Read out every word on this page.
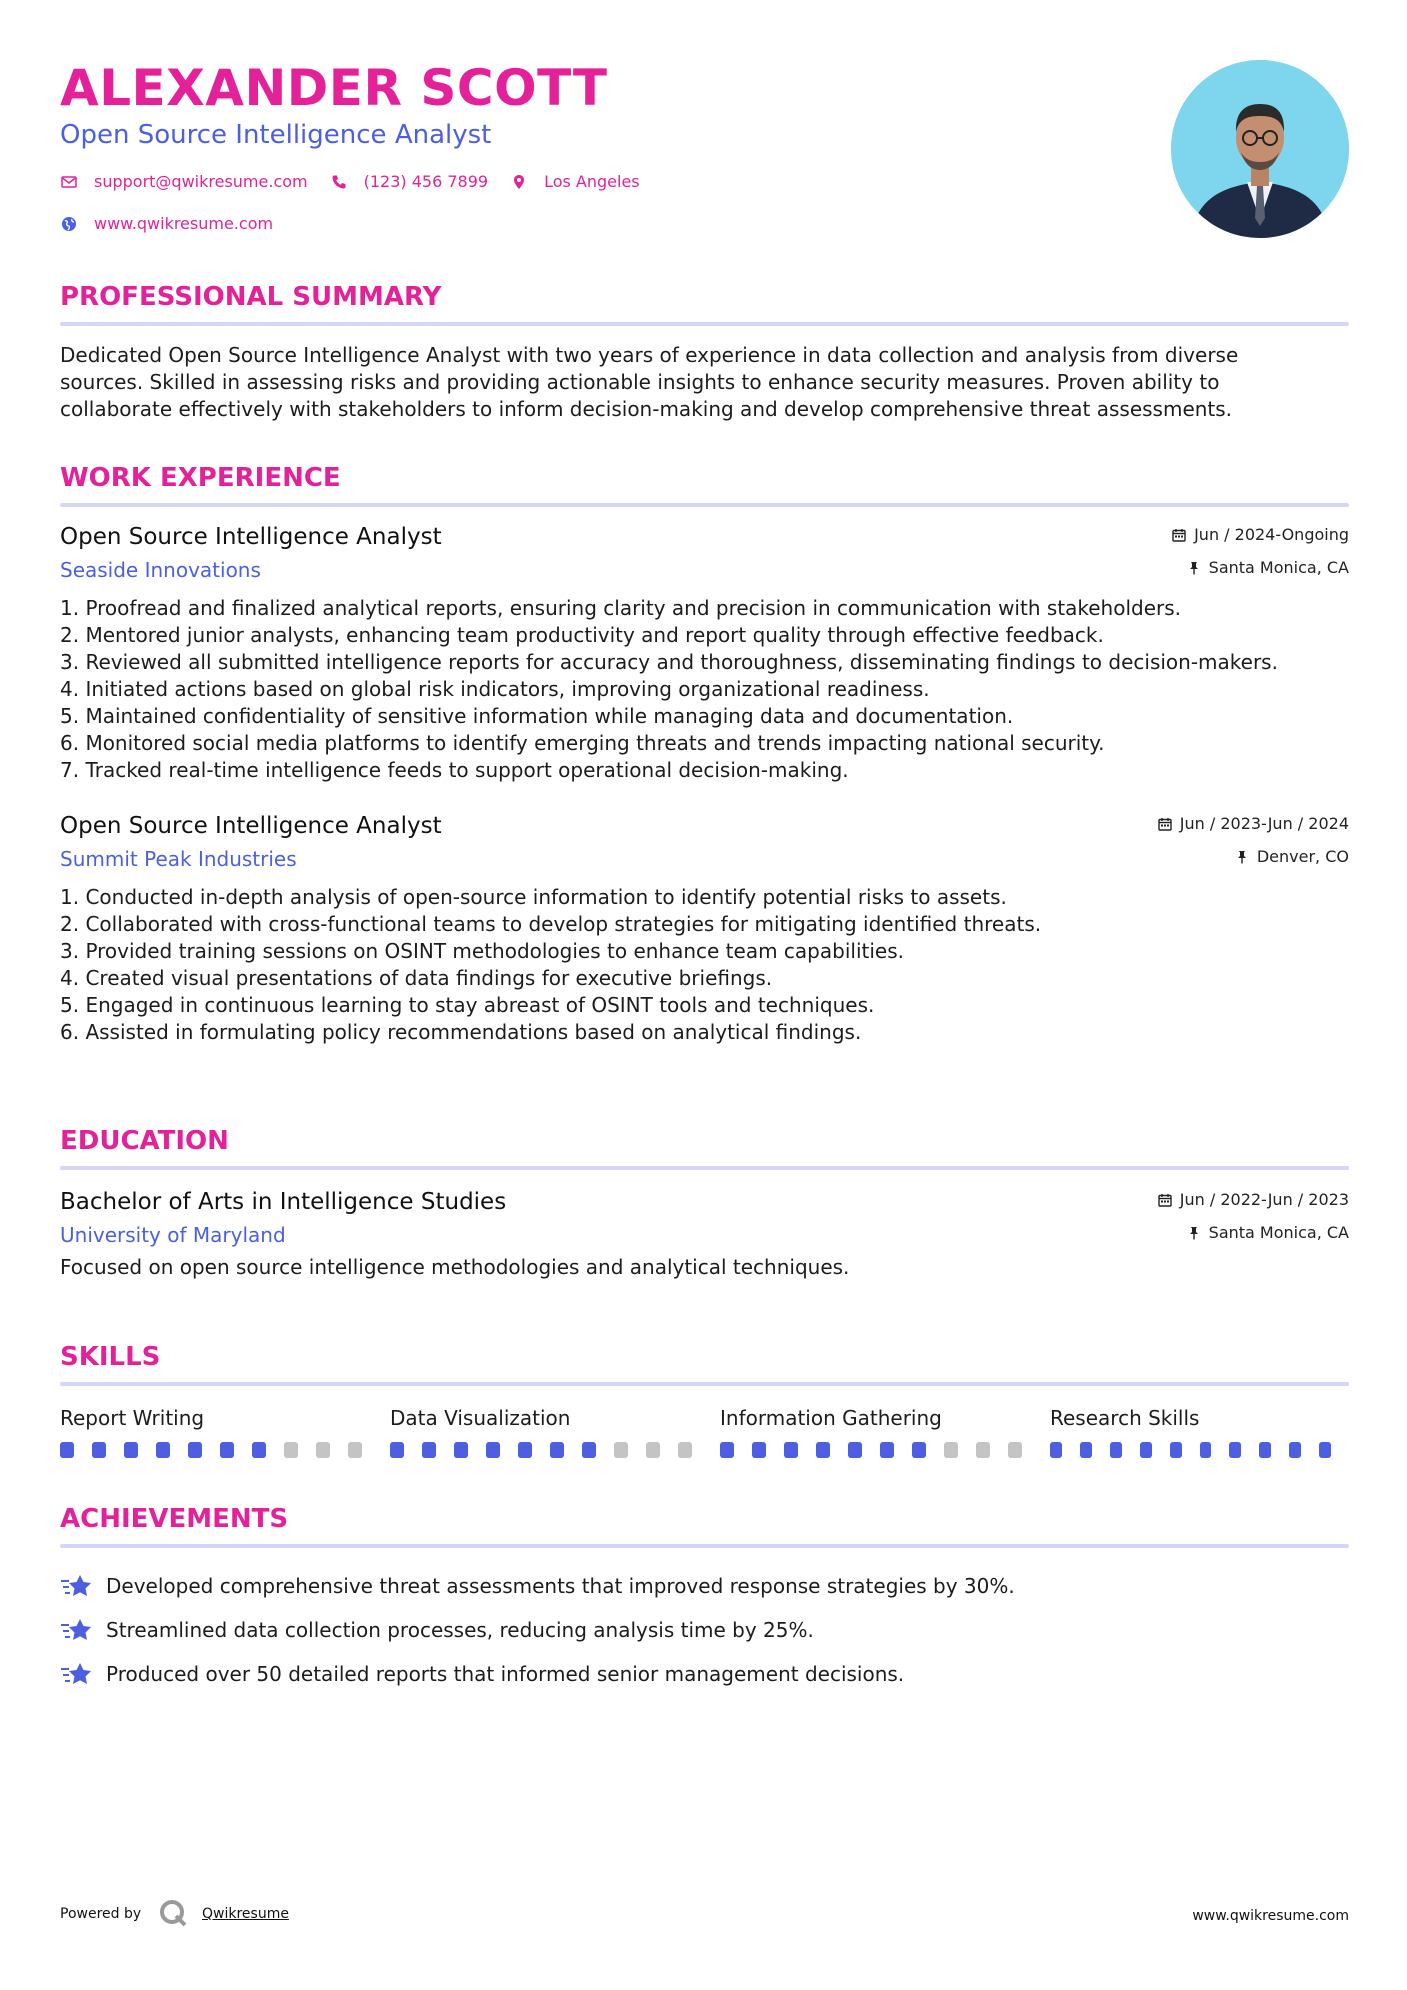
ALEXANDER SCOTT
Open Source Intelligence Analyst
support@qwikresume.com	(123) 456 7899	Los Angeles
www.qwikresume.com
PROFESSIONAL SUMMARY
Dedicated Open Source Intelligence Analyst with two years of experience in data collection and analysis from diverse
sources. Skilled in assessing risks and providing actionable insights to enhance security measures. Proven ability to
collaborate effectively with stakeholders to inform decision-making and develop comprehensive threat assessments.
WORK EXPERIENCE
Open Source Intelligence Analyst
Seaside Innovations
Jun / 2024-Ongoing
Santa Monica, CA
1. Proofread and finalized analytical reports, ensuring clarity and precision in communication with stakeholders.
2. Mentored junior analysts, enhancing team productivity and report quality through effective feedback.
3. Reviewed all submitted intelligence reports for accuracy and thoroughness, disseminating findings to decision-makers.
4. Initiated actions based on global risk indicators, improving organizational readiness.
5. Maintained confidentiality of sensitive information while managing data and documentation.
6. Monitored social media platforms to identify emerging threats and trends impacting national security.
7. Tracked real-time intelligence feeds to support operational decision-making.
Open Source Intelligence Analyst
Summit Peak Industries
Jun / 2023-Jun / 2024
Denver, CO
1. Conducted in-depth analysis of open-source information to identify potential risks to assets.
2. Collaborated with cross-functional teams to develop strategies for mitigating identified threats.
3. Provided training sessions on OSINT methodologies to enhance team capabilities.
4. Created visual presentations of data findings for executive briefings.
5. Engaged in continuous learning to stay abreast of OSINT tools and techniques.
6. Assisted in formulating policy recommendations based on analytical findings.
EDUCATION
Bachelor of Arts in Intelligence Studies
University of Maryland
Jun / 2022-Jun / 2023
Santa Monica, CA
Focused on open source intelligence methodologies and analytical techniques.
SKILLS
Report Writing	Data Visualization	Information Gathering	Research Skills
ACHIEVEMENTS
Developed comprehensive threat assessments that improved response strategies by 30%.
Streamlined data collection processes, reducing analysis time by 25%.
Produced over 50 detailed reports that informed senior management decisions.
Powered by	Qwikresume	www.qwikresume.com
